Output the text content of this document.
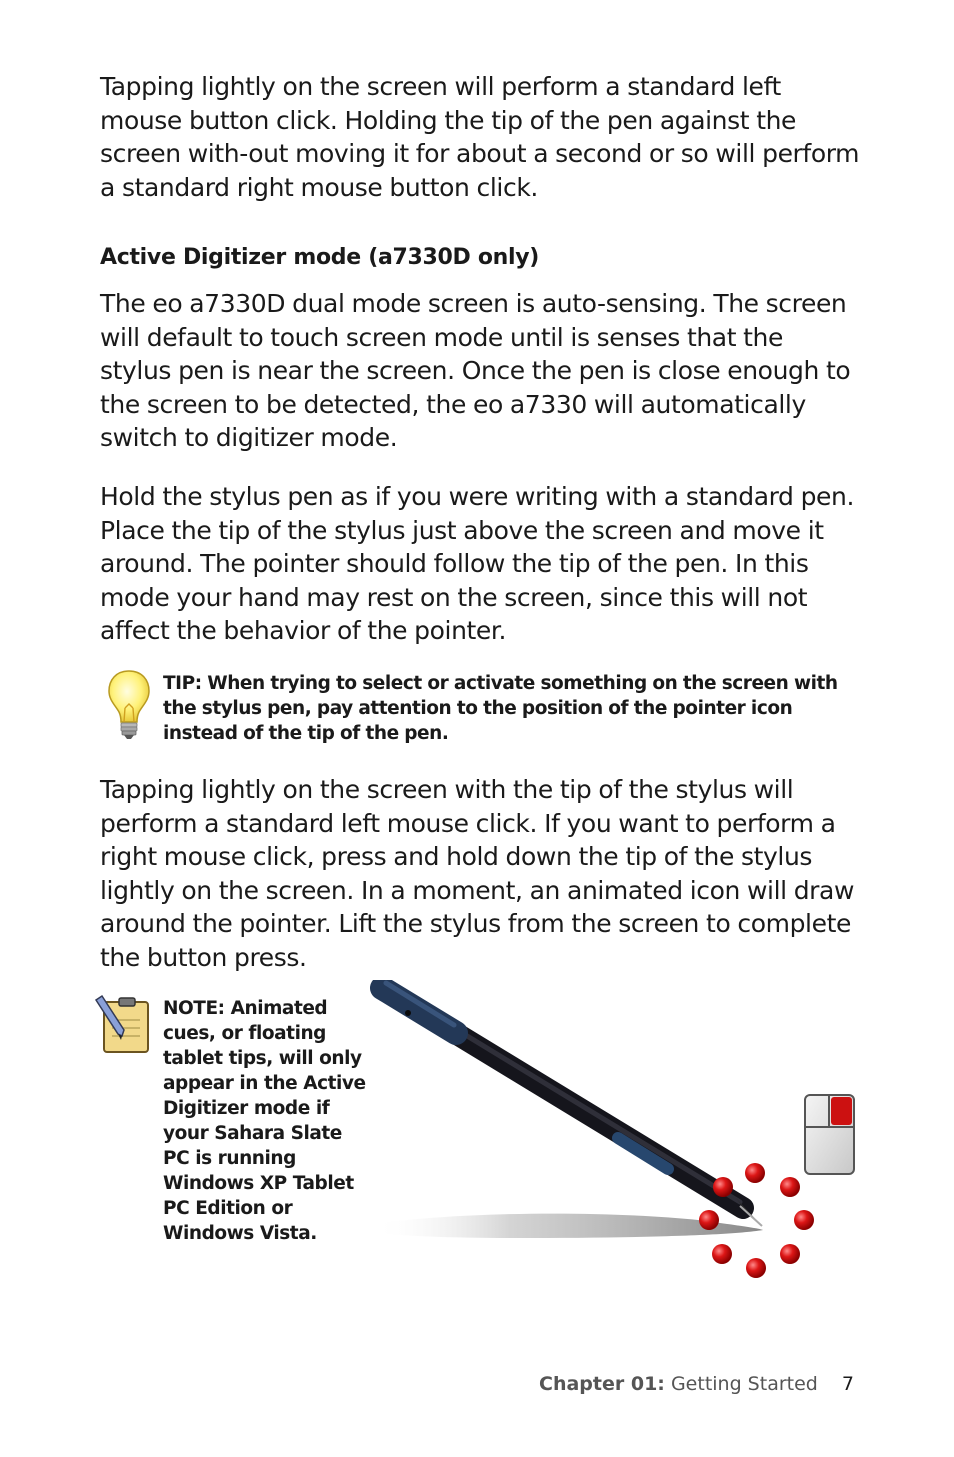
Tapping lightly on the screen will perform a standard left mouse button click. Holding the tip of the pen against the screen with-out moving it for about a second or so will perform a standard right mouse button click.

Active Digitizer mode (a7330D only)

The eo a7330D dual mode screen is auto-sensing. The screen will default to touch screen mode until is senses that the stylus pen is near the screen. Once the pen is close enough to the screen to be detected, the eo a7330 will automatically switch to digitizer mode.

Hold the stylus pen as if you were writing with a standard pen. Place the tip of the stylus just above the screen and move it around. The pointer should follow the tip of the pen. In this mode your hand may rest on the screen, since this will not affect the behavior of the pointer.

TIP: When trying to select or activate something on the screen with the stylus pen, pay attention to the position of the pointer icon instead of the tip of the pen.

Tapping lightly on the screen with the tip of the stylus will perform a standard left mouse click. If you want to perform a right mouse click, press and hold down the tip of the stylus lightly on the screen. In a moment, an animated icon will draw around the pointer. Lift the stylus from the screen to complete the button press.

NOTE: Animated cues, or floating tablet tips, will only appear in the Active Digitizer mode if your Sahara Slate PC is running Windows XP Tablet PC Edition or Windows Vista.

Chapter 01: Getting Started 7
